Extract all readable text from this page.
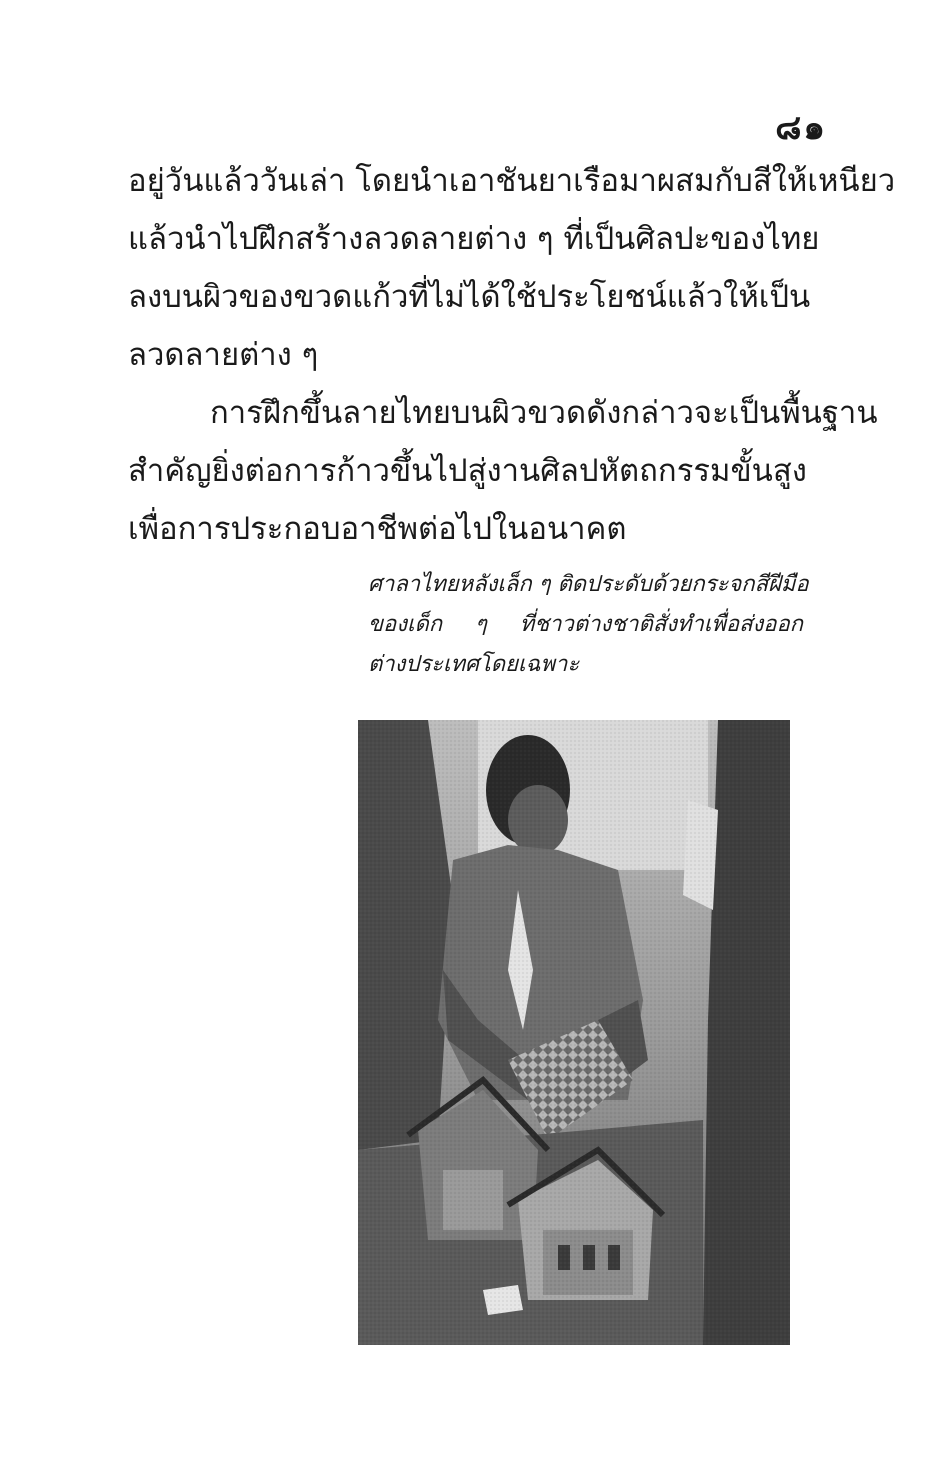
๘๑
อยู่วันแล้ววันเล่า โดยนำเอาชันยาเรือมาผสมกับสีให้เหนียว
แล้วนำไปฝึกสร้างลวดลายต่าง ๆ ที่เป็นศิลปะของไทย
ลงบนผิวของขวดแก้วที่ไม่ได้ใช้ประโยชน์แล้วให้เป็น
ลวดลายต่าง ๆ
การฝึกขึ้นลายไทยบนผิวขวดดังกล่าวจะเป็นพื้นฐาน
สำคัญยิ่งต่อการก้าวขึ้นไปสู่งานศิลปหัตถกรรมขั้นสูง
เพื่อการประกอบอาชีพต่อไปในอนาคต
ศาลาไทยหลังเล็ก ๆ ติดประดับด้วยกระจกสีฝีมือ
ของเด็ก ๆ ที่ชาวต่างชาติสั่งทำเพื่อส่งออก
ต่างประเทศโดยเฉพาะ
